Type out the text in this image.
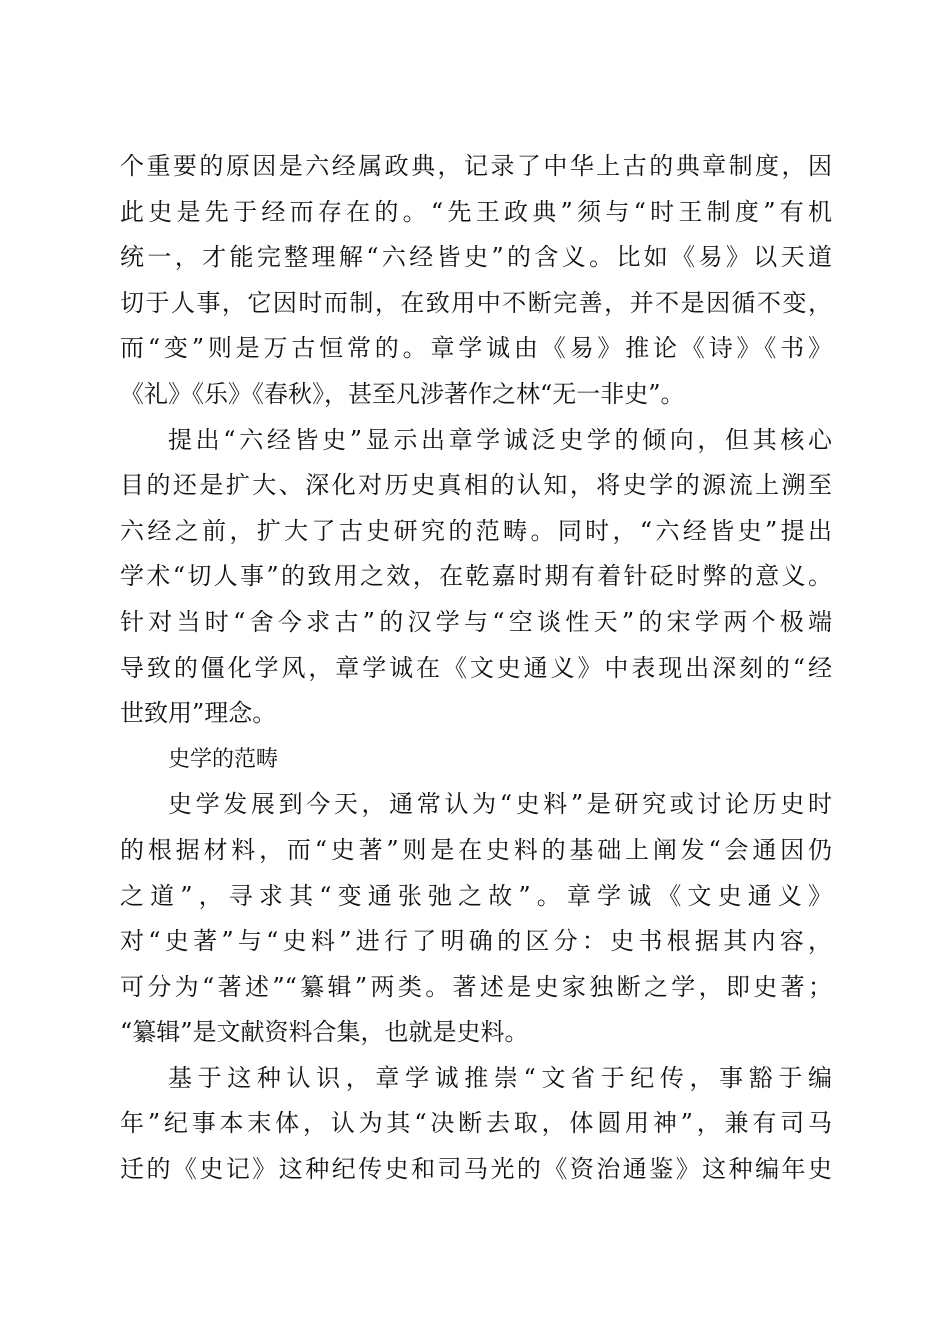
个重要的原因是六经属政典，记录了中华上古的典章制度，因
此史是先于经而存在的。“先王政典”须与“时王制度”有机
统一，才能完整理解“六经皆史”的含义。比如《易》以天道
切于人事，它因时而制，在致用中不断完善，并不是因循不变，
而“变”则是万古恒常的。章学诚由《易》推论《诗》《书》
《礼》《乐》《春秋》，甚至凡涉著作之林“无一非史”。
提出“六经皆史”显示出章学诚泛史学的倾向，但其核心
目的还是扩大、深化对历史真相的认知，将史学的源流上溯至
六经之前，扩大了古史研究的范畴。同时，“六经皆史”提出
学术“切人事”的致用之效，在乾嘉时期有着针砭时弊的意义。
针对当时“舍今求古”的汉学与“空谈性天”的宋学两个极端
导致的僵化学风，章学诚在《文史通义》中表现出深刻的“经
世致用”理念。
史学的范畴
史学发展到今天，通常认为“史料”是研究或讨论历史时
的根据材料，而“史著”则是在史料的基础上阐发“会通因仍
之道”，寻求其“变通张弛之故”。章学诚《文史通义》
对“史著”与“史料”进行了明确的区分：史书根据其内容，
可分为“著述”“纂辑”两类。著述是史家独断之学，即史著；
“纂辑”是文献资料合集，也就是史料。
基于这种认识，章学诚推崇“文省于纪传，事豁于编
年”纪事本末体，认为其“决断去取，体圆用神”，兼有司马
迁的《史记》这种纪传史和司马光的《资治通鉴》这种编年史
